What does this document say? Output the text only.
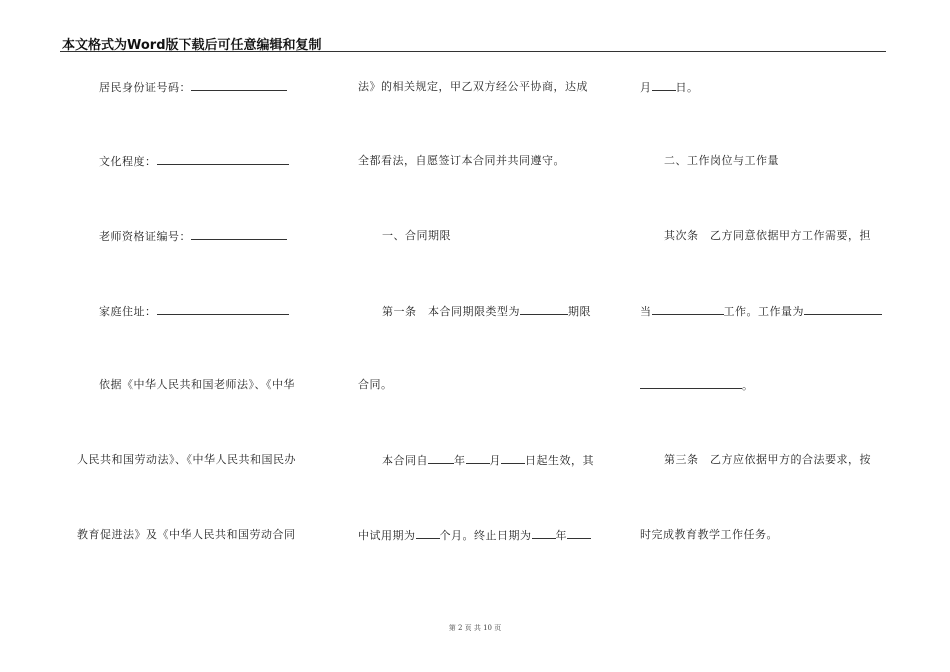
本文格式为Word版下载后可任意编辑和复制
居民身份证号码：
文化程度：
老师资格证编号：
家庭住址：
依据《中华人民共和国老师法》、《中华
人民共和国劳动法》、《中华人民共和国民办
教育促进法》及《中华人民共和国劳动合同
法》的相关规定，甲乙双方经公平协商，达成
全都看法，自愿签订本合同并共同遵守。
一、合同期限
第一条　本合同期限类型为	期限
合同。
本合同自 年 月 日起生效，其
中试用期为 个月。终止日期为 年
月 日。
二、工作岗位与工作量
其次条　乙方同意依据甲方工作需要，担
当	工作。工作量为
。
第三条　乙方应依据甲方的合法要求，按
时完成教育教学工作任务。
第 2 页 共 10 页
